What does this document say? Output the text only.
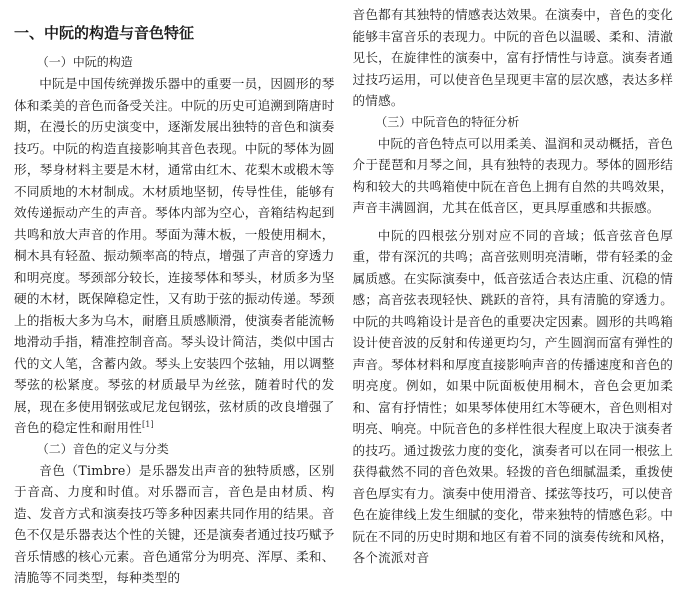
一、中阮的构造与音色特征
（一）中阮的构造

中阮是中国传统弹拨乐器中的重要一员，因圆形的琴体和柔美的音色而备受关注。中阮的历史可追溯到隋唐时期，在漫长的历史演变中，逐渐发展出独特的音色和演奏技巧。中阮的构造直接影响其音色表现。中阮的琴体为圆形，琴身材料主要是木材，通常由红木、花梨木或椴木等不同质地的木材制成。木材质地坚韧，传导性佳，能够有效传递振动产生的声音。琴体内部为空心，音箱结构起到共鸣和放大声音的作用。琴面为薄木板，一般使用桐木，桐木具有轻盈、振动频率高的特点，增强了声音的穿透力和明亮度。琴颈部分较长，连接琴体和琴头，材质多为坚硬的木材，既保障稳定性，又有助于弦的振动传递。琴颈上的指板大多为乌木，耐磨且质感顺滑，使演奏者能流畅地滑动手指，精准控制音高。琴头设计简洁，类似中国古代的文人笔，含蓄内敛。琴头上安装四个弦轴，用以调整琴弦的松紧度。琴弦的材质最早为丝弦，随着时代的发展，现在多使用钢弦或尼龙包钢弦，弦材质的改良增强了音色的稳定性和耐用性[1]

（二）音色的定义与分类

音色（Timbre）是乐器发出声音的独特质感，区别于音高、力度和时值。对乐器而言，音色是由材质、构造、发音方式和演奏技巧等多种因素共同作用的结果。音色不仅是乐器表达个性的关键，还是演奏者通过技巧赋予音乐情感的核心元素。音色通常分为明亮、浑厚、柔和、清脆等不同类型，每种类型的

音色都有其独特的情感表达效果。在演奏中，音色的变化能够丰富音乐的表现力。中阮的音色以温暖、柔和、清澈见长，在旋律性的演奏中，富有抒情性与诗意。演奏者通过技巧运用，可以使音色呈现更丰富的层次感，表达多样的情感。

（三）中阮音色的特征分析

中阮的音色特点可以用柔美、温润和灵动概括，音色介于琵琶和月琴之间，具有独特的表现力。琴体的圆形结构和较大的共鸣箱使中阮在音色上拥有自然的共鸣效果，声音丰满圆润，尤其在低音区，更具厚重感和共振感。

中阮的四根弦分别对应不同的音域；低音弦音色厚重，带有深沉的共鸣；高音弦则明亮清晰，带有轻柔的金属质感。在实际演奏中，低音弦适合表达庄重、沉稳的情感；高音弦表现轻快、跳跃的音符，具有清脆的穿透力。中阮的共鸣箱设计是音色的重要决定因素。圆形的共鸣箱设计使音波的反射和传递更均匀，产生圆润而富有弹性的声音。琴体材料和厚度直接影响声音的传播速度和音色的明亮度。例如，如果中阮面板使用桐木，音色会更加柔和、富有抒情性；如果琴体使用红木等硬木，音色则相对明亮、响亮。中阮音色的多样性很大程度上取决于演奏者的技巧。通过拨弦力度的变化，演奏者可以在同一根弦上获得截然不同的音色效果。轻拨的音色细腻温柔，重拨使音色厚实有力。演奏中使用滑音、揉弦等技巧，可以使音色在旋律线上发生细腻的变化，带来独特的情感色彩。中阮在不同的历史时期和地区有着不同的演奏传统和风格，各个流派对音
